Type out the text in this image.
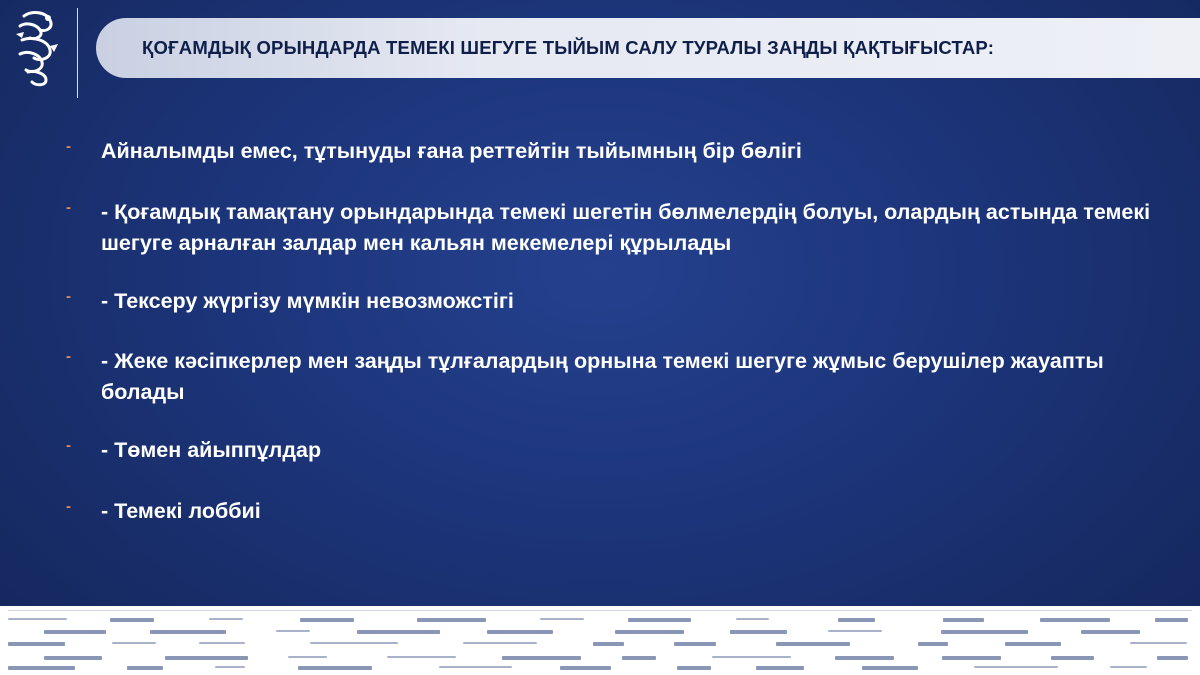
ҚОҒАМДЫҚ ОРЫНДАРДА ТЕМЕКІ ШЕГУГЕ ТЫЙЫМ САЛУ ТУРАЛЫ ЗАҢДЫ ҚАҚТЫҒЫСТАР:
- Айналымды емес, тұтынуды ғана реттейтін тыйымның бір бөлігі
- - Қоғамдық тамақтану орындарында темекі шегетін бөлмелердің болуы, олардың астында темекі шегуге арналған залдар мен кальян мекемелері құрылады
- - Тексеру жүргізу мүмкін невозможстігі
- - Жеке кәсіпкерлер мен заңды тұлғалардың орнына темекі шегуге жұмыс берушілер жауапты болады
- - Төмен айыппұлдар
- - Темекі лоббиі
